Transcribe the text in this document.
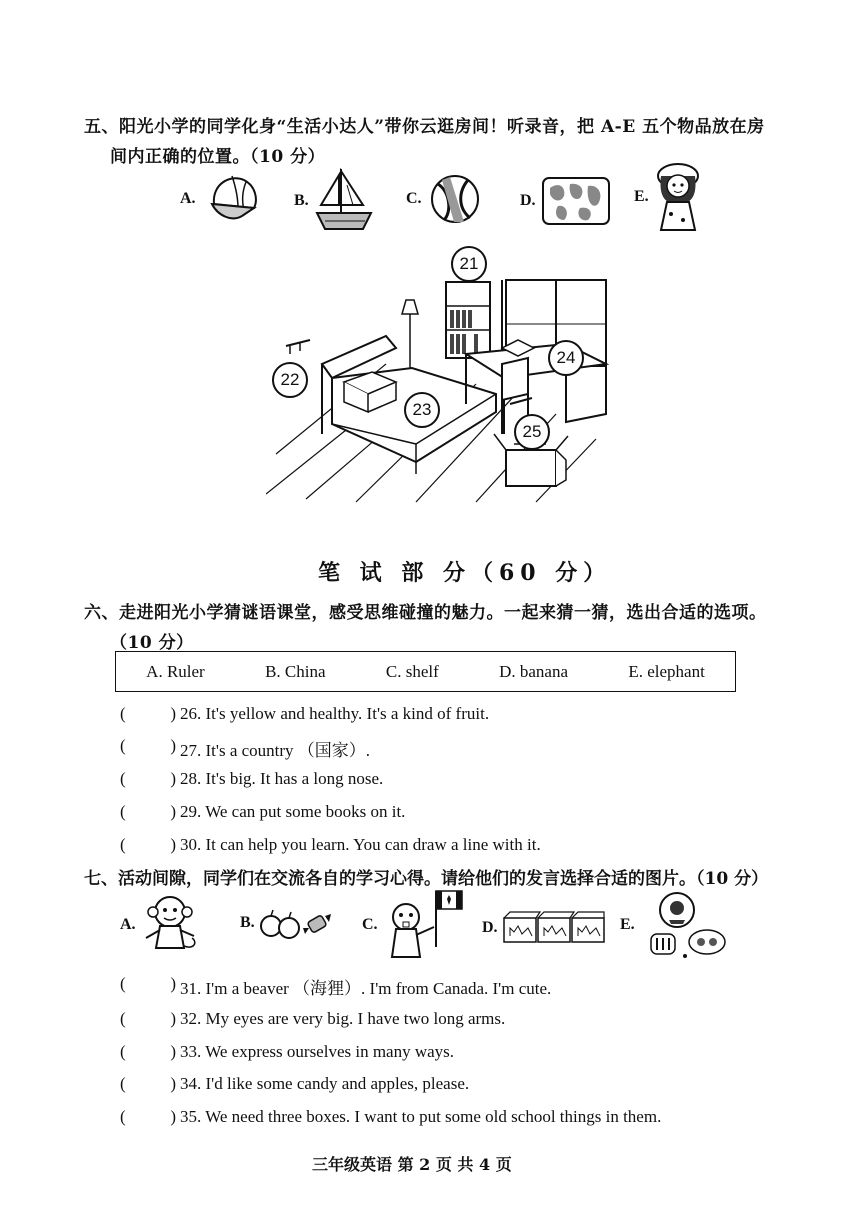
五、阳光小学的同学化身“生活小达人”带你云逛房间！听录音，把 A-E 五个物品放在房
间内正确的位置。（10 分）
A.	B.	C.	D.	E.
21
22
23
24
25
笔 试 部 分（60 分）
六、走进阳光小学猜谜语课堂，感受思维碰撞的魅力。一起来猜一猜，选出合适的选项。
（10 分）
A. Ruler	B. China	C. shelf	D. banana	E. elephant
(	) 26. It's yellow and healthy. It's a kind of fruit.
(	) 27. It's a country （国家）.
(	) 28. It's big. It has a long nose.
(	) 29. We can put some books on it.
(	) 30. It can help you learn. You can draw a line with it.
七、活动间隙，同学们在交流各自的学习心得。请给他们的发言选择合适的图片。（10 分）
A.	B.	C.	D.	E.
(	) 31. I'm a beaver （海狸）. I'm from Canada. I'm cute.
(	) 32. My eyes are very big. I have two long arms.
(	) 33. We express ourselves in many ways.
(	) 34. I'd like some candy and apples, please.
(	) 35. We need three boxes. I want to put some old school things in them.
三年级英语 第 2 页 共 4 页
